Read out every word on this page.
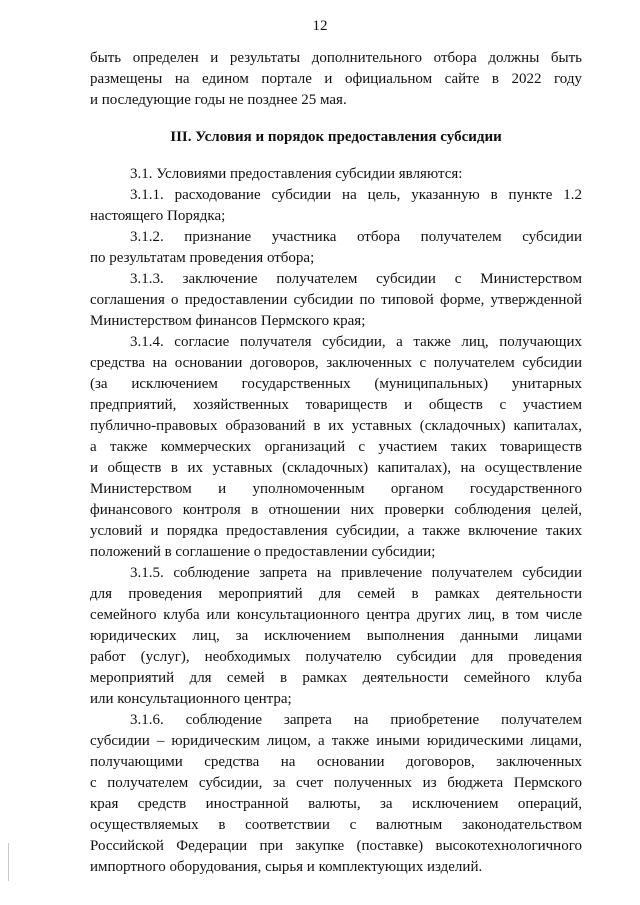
12
быть определен и результаты дополнительного отбора должны быть
размещены на едином портале и официальном сайте в 2022 году
и последующие годы не позднее 25 мая.
3.1. Условиями предоставления субсидии являются:
3.1.1. расходование субсидии на цель, указанную в пункте 1.2
настоящего Порядка;
3.1.2. признание участника отбора получателем субсидии
по результатам проведения отбора;
3.1.3. заключение получателем субсидии с Министерством
соглашения о предоставлении субсидии по типовой форме, утвержденной
Министерством финансов Пермского края;
3.1.4. согласие получателя субсидии, а также лиц, получающих
средства на основании договоров, заключенных с получателем субсидии
(за исключением государственных (муниципальных) унитарных
предприятий, хозяйственных товариществ и обществ с участием
публично-правовых образований в их уставных (складочных) капиталах,
а также коммерческих организаций с участием таких товариществ
и обществ в их уставных (складочных) капиталах), на осуществление
Министерством и уполномоченным органом государственного
финансового контроля в отношении них проверки соблюдения целей,
условий и порядка предоставления субсидии, а также включение таких
положений в соглашение о предоставлении субсидии;
3.1.5. соблюдение запрета на привлечение получателем субсидии
для проведения мероприятий для семей в рамках деятельности
семейного клуба или консультационного центра других лиц, в том числе
юридических лиц, за исключением выполнения данными лицами
работ (услуг), необходимых получателю субсидии для проведения
мероприятий для семей в рамках деятельности семейного клуба
или консультационного центра;
3.1.6. соблюдение запрета на приобретение получателем
субсидии – юридическим лицом, а также иными юридическими лицами,
получающими средства на основании договоров, заключенных
с получателем субсидии, за счет полученных из бюджета Пермского
края средств иностранной валюты, за исключением операций,
осуществляемых в соответствии с валютным законодательством
Российской Федерации при закупке (поставке) высокотехнологичного
импортного оборудования, сырья и комплектующих изделий.
III. Условия и порядок предоставления субсидии
